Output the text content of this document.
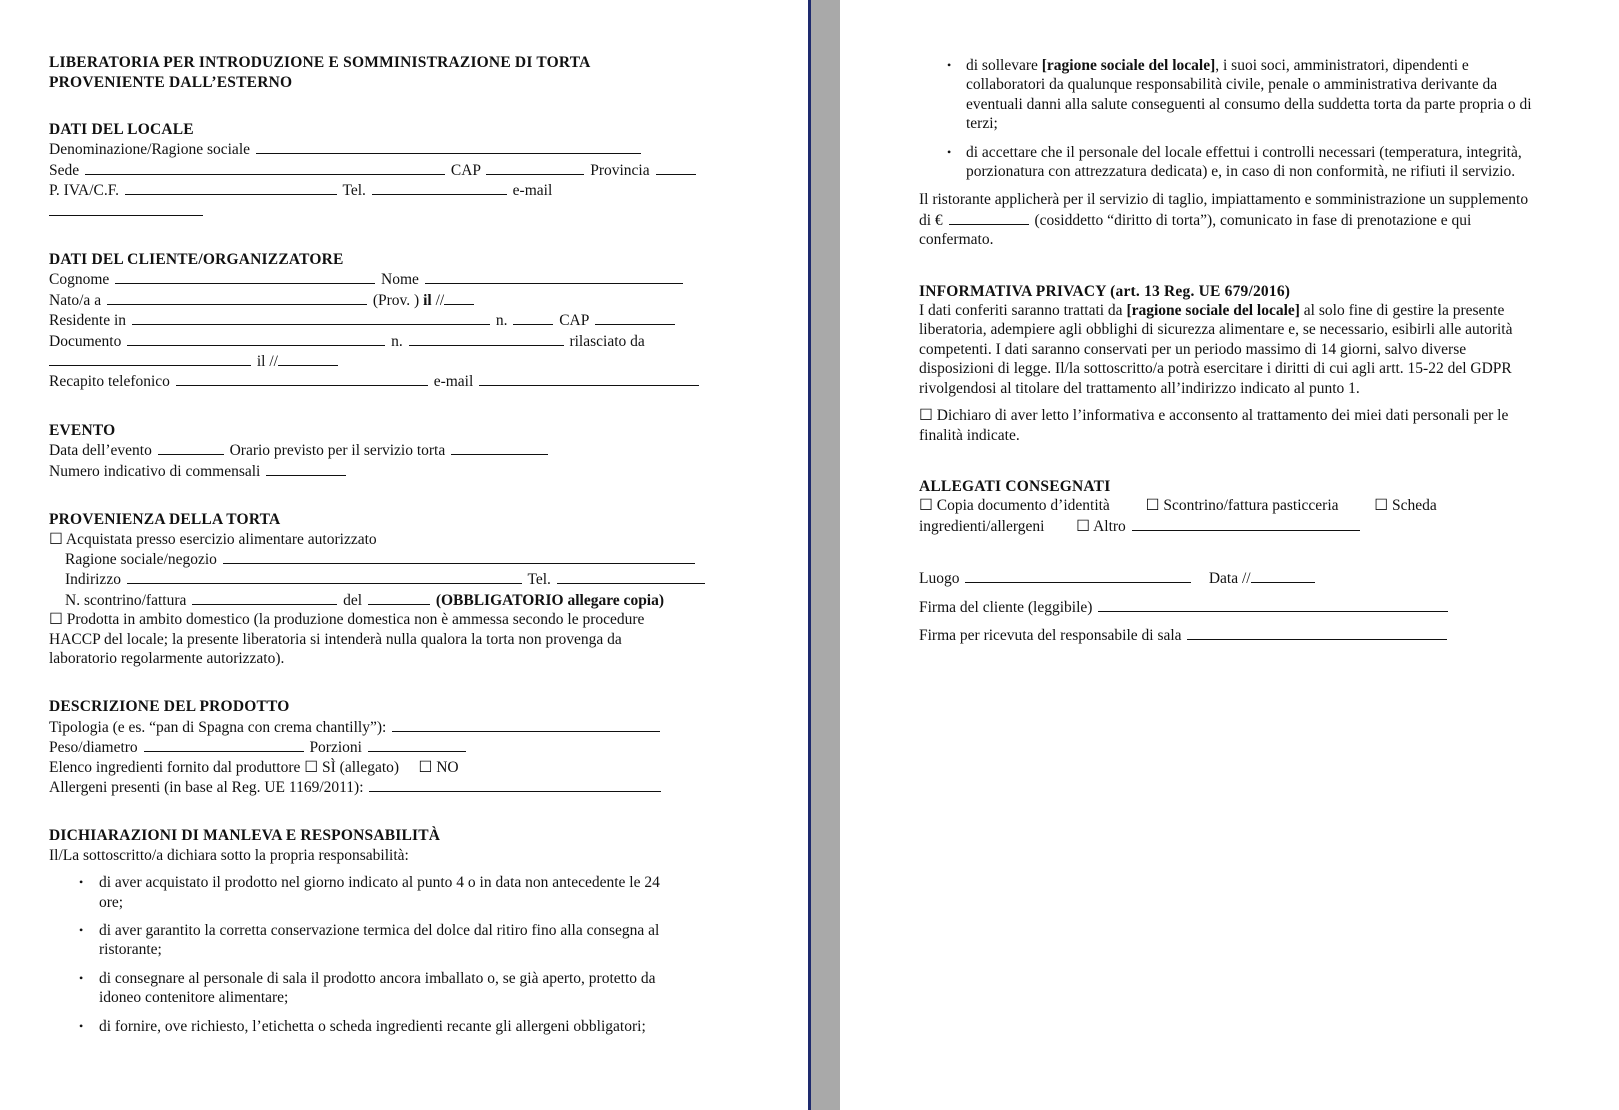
LIBERATORIA PER INTRODUZIONE E SOMMINISTRAZIONE DI TORTA
PROVENIENTE DALL’ESTERNO
DATI DEL LOCALE
Denominazione/Ragione sociale
Sede	CAP	Provincia
P. IVA/C.F.	Tel.	e-mail
DATI DEL CLIENTE/ORGANIZZATORE
Cognome	Nome
Nato/a a	(Prov. ) il //
Residente in	n.	CAP
Documento	n.	rilasciato da
il //
Recapito telefonico	e-mail
EVENTO
Data dell’evento	Orario previsto per il servizio torta
Numero indicativo di commensali
PROVENIENZA DELLA TORTA
☐ Acquistata presso esercizio alimentare autorizzato
Ragione sociale/negozio
Indirizzo	Tel.
N. scontrino/fattura	del	(OBBLIGATORIO allegare copia)
☐ Prodotta in ambito domestico (la produzione domestica non è ammessa secondo le procedure
HACCP del locale; la presente liberatoria si intenderà nulla qualora la torta non provenga da
laboratorio regolarmente autorizzato).
DESCRIZIONE DEL PRODOTTO
Tipologia (e es. “pan di Spagna con crema chantilly”):
Peso/diametro	Porzioni
Elenco ingredienti fornito dal produttore ☐ SÌ (allegato) ☐ NO
Allergeni presenti (in base al Reg. UE 1169/2011):
DICHIARAZIONI DI MANLEVA E RESPONSABILITÀ
Il/La sottoscritto/a dichiara sotto la propria responsabilità:
• di aver acquistato il prodotto nel giorno indicato al punto 4 o in data non antecedente le 24
ore;
• di aver garantito la corretta conservazione termica del dolce dal ritiro fino alla consegna al
ristorante;
• di consegnare al personale di sala il prodotto ancora imballato o, se già aperto, protetto da
idoneo contenitore alimentare;
• di fornire, ove richiesto, l’etichetta o scheda ingredienti recante gli allergeni obbligatori;
• di sollevare [ragione sociale del locale], i suoi soci, amministratori, dipendenti e
collaboratori da qualunque responsabilità civile, penale o amministrativa derivante da
eventuali danni alla salute conseguenti al consumo della suddetta torta da parte propria o di
terzi;
• di accettare che il personale del locale effettui i controlli necessari (temperatura, integrità,
porzionatura con attrezzatura dedicata) e, in caso di non conformità, ne rifiuti il servizio.
Il ristorante applicherà per il servizio di taglio, impiattamento e somministrazione un supplemento
di €	(cosiddetto “diritto di torta”), comunicato in fase di prenotazione e qui
confermato.
INFORMATIVA PRIVACY (art. 13 Reg. UE 679/2016)
I dati conferiti saranno trattati da [ragione sociale del locale] al solo fine di gestire la presente
liberatoria, adempiere agli obblighi di sicurezza alimentare e, se necessario, esibirli alle autorità
competenti. I dati saranno conservati per un periodo massimo di 14 giorni, salvo diverse
disposizioni di legge. Il/la sottoscritto/a potrà esercitare i diritti di cui agli artt. 15-22 del GDPR
rivolgendosi al titolare del trattamento all’indirizzo indicato al punto 1.
☐ Dichiaro di aver letto l’informativa e acconsento al trattamento dei miei dati personali per le
finalità indicate.
ALLEGATI CONSEGNATI
☐ Copia documento d’identità ☐ Scontrino/fattura pasticceria ☐ Scheda
ingredienti/allergeni ☐ Altro
Luogo	Data //
Firma del cliente (leggibile)
Firma per ricevuta del responsabile di sala
